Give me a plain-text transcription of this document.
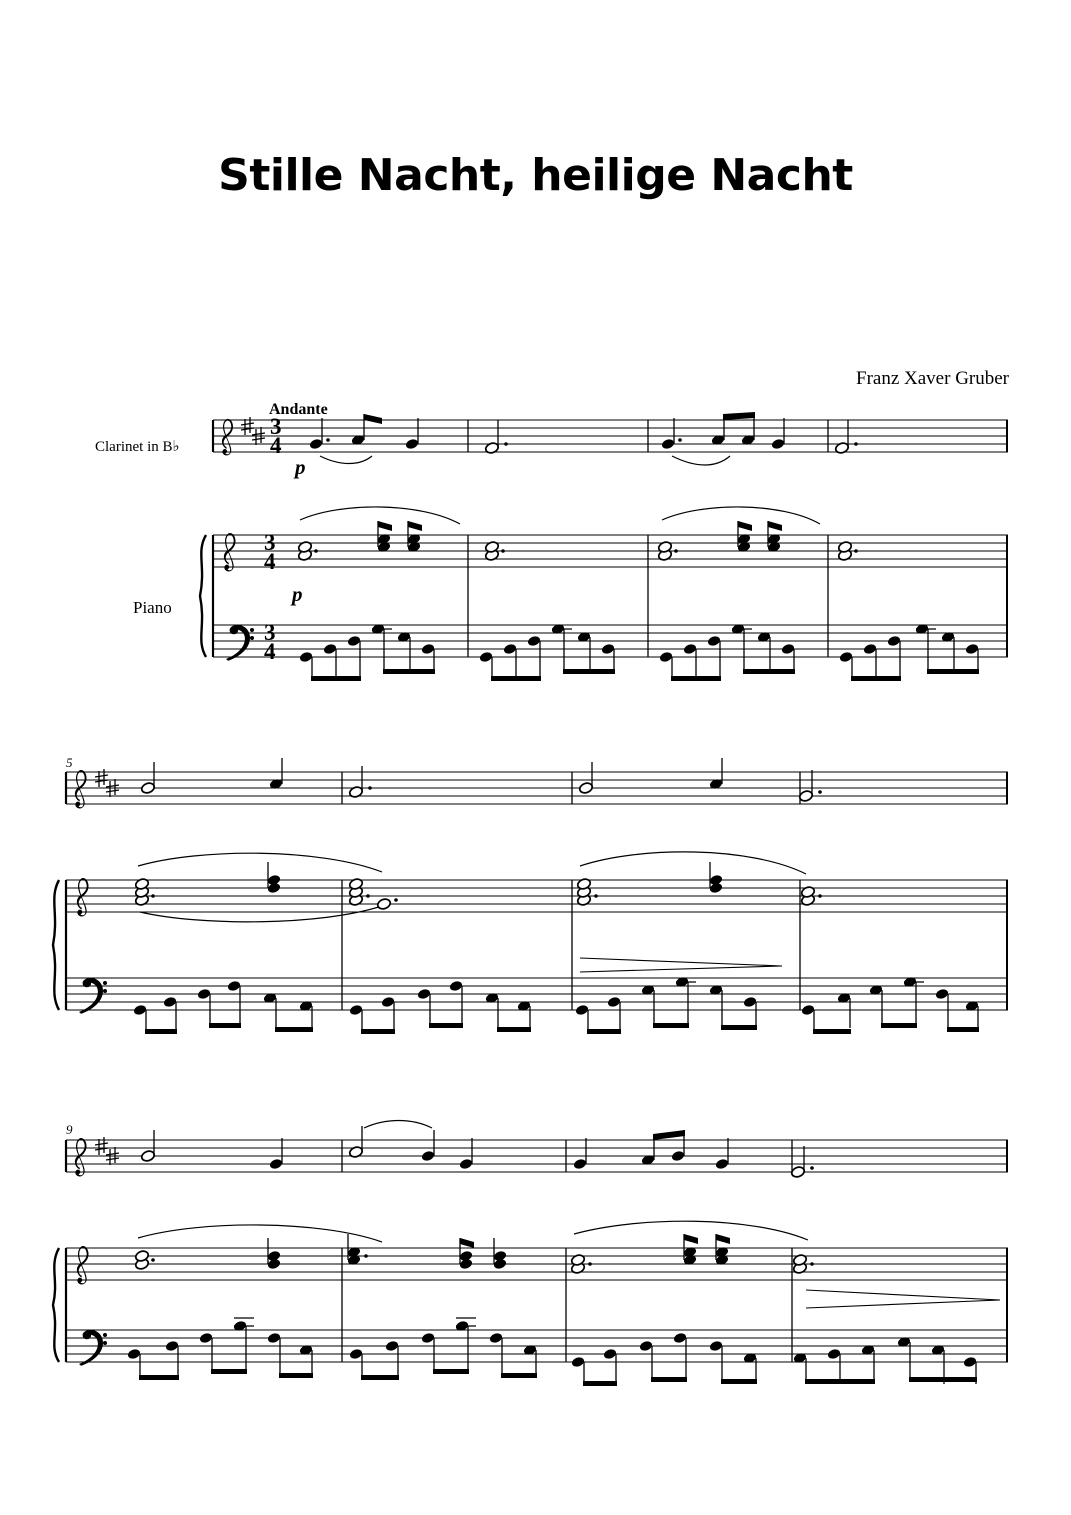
Stille Nacht, heilige Nacht
Franz Xaver Gruber
Clarinet in B♭
Piano
5
9
Andante
p
p
3
4
3
4
3
4
